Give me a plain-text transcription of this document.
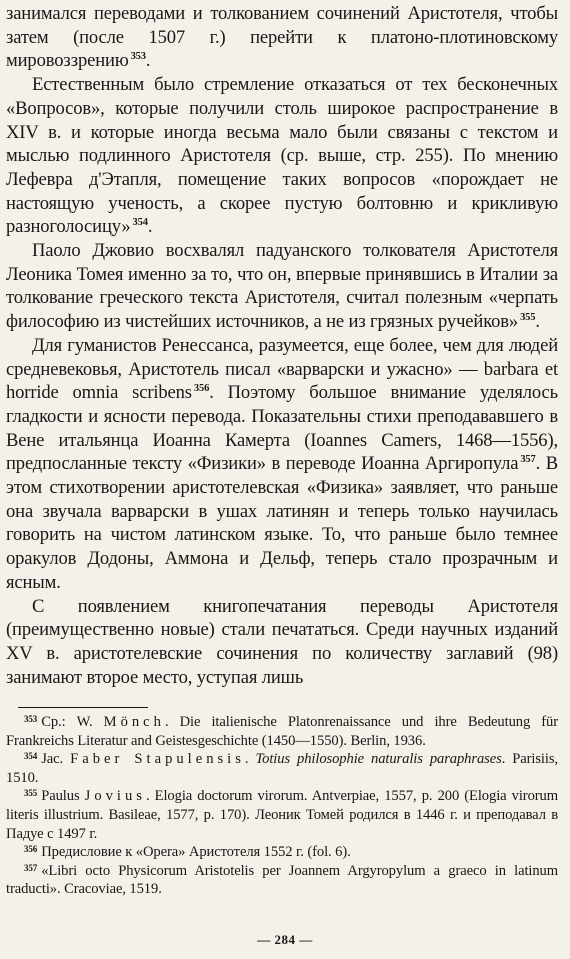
занимался переводами и толкованием сочинений Аристотеля, чтобы затем (после 1507 г.) перейти к платоно-плотиновскому мировоззрению $^{353}$.

Естественным было стремление отказаться от тех бесконечных «Вопросов», которые получили столь широкое распространение в XIV в. и которые иногда весьма мало были связаны с текстом и мыслью подлинного Аристотеля (ср. выше, стр. 255). По мнению Лефевра д'Этапля, помещение таких вопросов «порождает не настоящую ученость, а скорее пустую болтовню и крикливую разноголосицу» $^{354}$.

Паоло Джовио восхвалял падуанского толкователя Аристотеля Леоника Томея именно за то, что он, впервые принявшись в Италии за толкование греческого текста Аристотеля, считал полезным «черпать философию из чистейших источников, а не из грязных ручейков» $^{355}$.

Для гуманистов Ренессанса, разумеется, еще более, чем для людей средневековья, Аристотель писал «варварски и ужасно» — barbara et horride omnia scribens $^{356}$. Поэтому большое внимание уделялось гладкости и ясности перевода. Показательны стихи преподававшего в Вене итальянца Иоанна Камерта (Ioannes Camers, 1468—1556), предпосланные тексту «Физики» в переводе Иоанна Аргиропула $^{357}$. В этом стихотворении аристотелевская «Физика» заявляет, что раньше она звучала варварски в ушах латинян и теперь только научилась говорить на чистом латинском языке. То, что раньше было темнее оракулов Додоны, Аммона и Дельф, теперь стало прозрачным и ясным.

С появлением книгопечатания переводы Аристотеля (преимущественно новые) стали печататься. Среди научных изданий XV в. аристотелевские сочинения по количеству заглавий (98) занимают второе место, уступая лишь

$^{353}$ Ср.: W. Mönch. Die italienische Platonrenaissance und ihre Bedeutung für Frankreichs Literatur and Geistesgeschichte (1450—1550). Berlin, 1936.

$^{354}$ Jac. Faber Stapulensis. Totius philosophie naturalis paraphrases. Parisiis, 1510.

$^{355}$ Paulus Jovius. Elogia doctorum virorum. Antverpiae, 1557, p. 200 (Elogia virorum literis illustrium. Basileae, 1577, p. 170). Леоник Томей родился в 1446 г. и преподавал в Падуе с 1497 г.

$^{356}$ Предисловие к «Opera» Аристотеля 1552 г. (fol. 6).

$^{357}$ «Libri octo Physicorum Aristotelis per Joannem Argyropylum a graeco in latinum traducti». Cracoviae, 1519.

— 284 —
